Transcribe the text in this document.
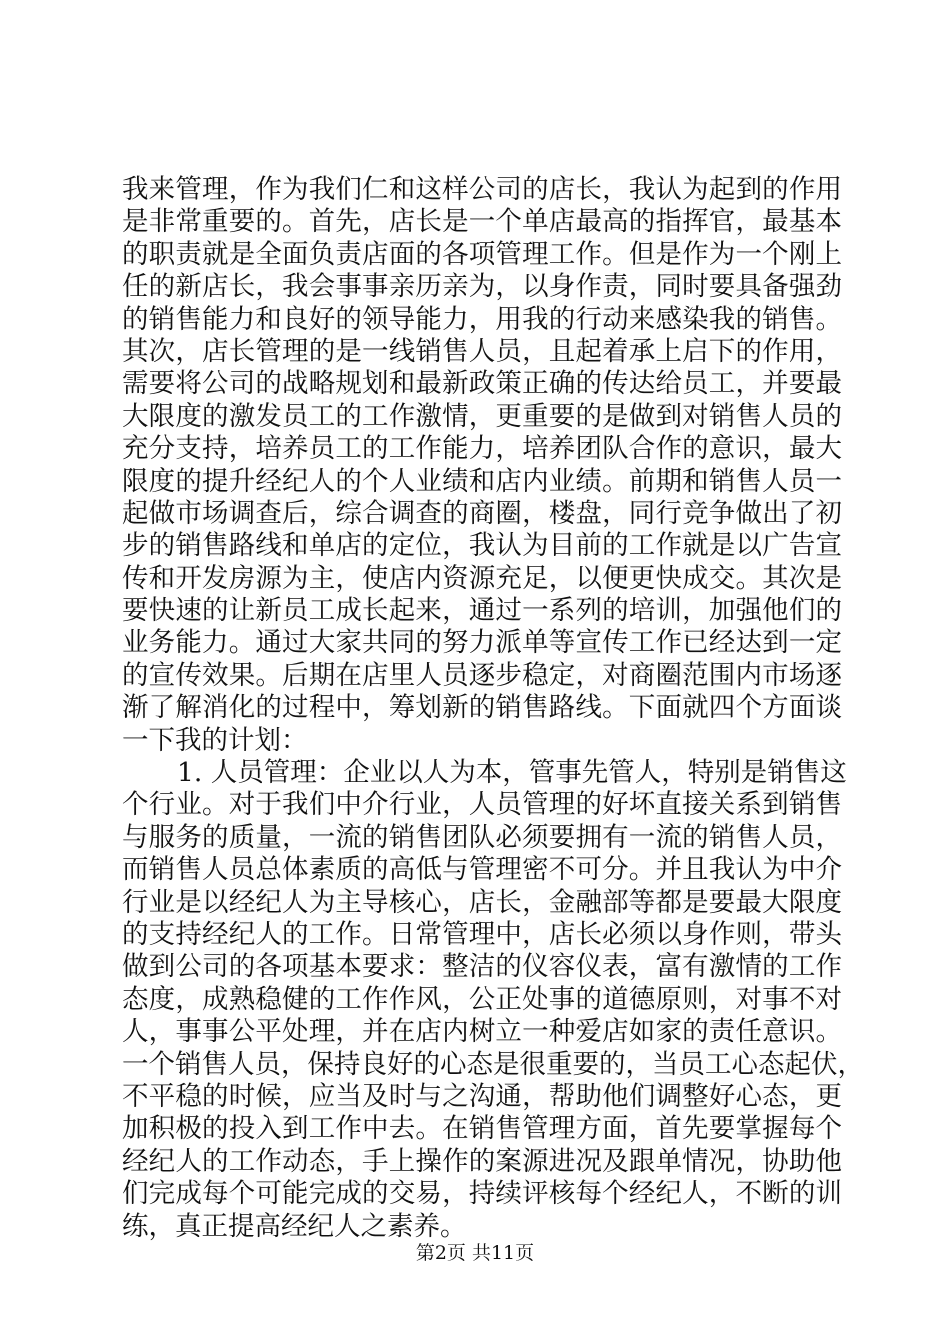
我来管理，作为我们仁和这样公司的店长，我认为起到的作用
是非常重要的。首先，店长是一个单店最高的指挥官，最基本
的职责就是全面负责店面的各项管理工作。但是作为一个刚上
任的新店长，我会事事亲历亲为，以身作责，同时要具备强劲
的销售能力和良好的领导能力，用我的行动来感染我的销售。
其次，店长管理的是一线销售人员，且起着承上启下的作用，
需要将公司的战略规划和最新政策正确的传达给员工，并要最
大限度的激发员工的工作激情，更重要的是做到对销售人员的
充分支持，培养员工的工作能力，培养团队合作的意识，最大
限度的提升经纪人的个人业绩和店内业绩。前期和销售人员一
起做市场调查后，综合调查的商圈，楼盘，同行竞争做出了初
步的销售路线和单店的定位，我认为目前的工作就是以广告宣
传和开发房源为主，使店内资源充足，以便更快成交。其次是
要快速的让新员工成长起来，通过一系列的培训，加强他们的
业务能力。通过大家共同的努力派单等宣传工作已经达到一定
的宣传效果。后期在店里人员逐步稳定，对商圈范围内市场逐
渐了解消化的过程中，筹划新的销售路线。下面就四个方面谈
一下我的计划：
1. 人员管理：企业以人为本，管事先管人，特别是销售这
个行业。对于我们中介行业，人员管理的好坏直接关系到销售
与服务的质量，一流的销售团队必须要拥有一流的销售人员，
而销售人员总体素质的高低与管理密不可分。并且我认为中介
行业是以经纪人为主导核心，店长，金融部等都是要最大限度
的支持经纪人的工作。日常管理中，店长必须以身作则，带头
做到公司的各项基本要求：整洁的仪容仪表，富有激情的工作
态度，成熟稳健的工作作风，公正处事的道德原则，对事不对
人，事事公平处理，并在店内树立一种爱店如家的责任意识。
一个销售人员，保持良好的心态是很重要的，当员工心态起伏，
不平稳的时候，应当及时与之沟通，帮助他们调整好心态，更
加积极的投入到工作中去。在销售管理方面，首先要掌握每个
经纪人的工作动态，手上操作的案源进况及跟单情况，协助他
们完成每个可能完成的交易，持续评核每个经纪人，不断的训
练，真正提高经纪人之素养。
第2页 共11页
